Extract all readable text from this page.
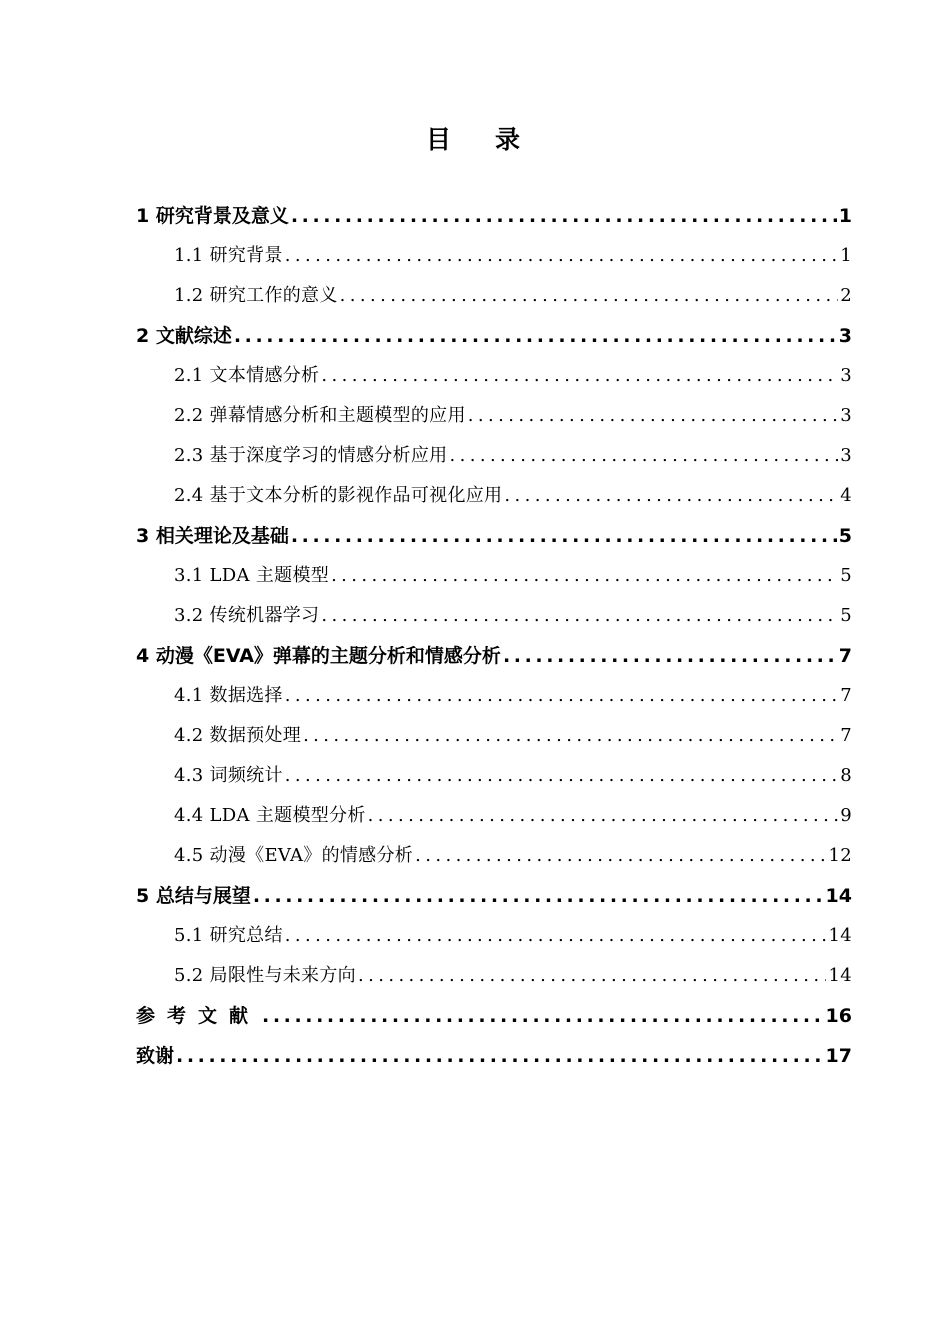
目录
1 研究背景及意义 .....	1
1.1 研究背景 .....	1
1.2 研究工作的意义 .....	2
2 文献综述 .....	3
2.1 文本情感分析 .....	3
2.2 弹幕情感分析和主题模型的应用 .....	3
2.3 基于深度学习的情感分析应用 .....	3
2.4 基于文本分析的影视作品可视化应用 .....	4
3 相关理论及基础 .....	5
3.1 LDA 主题模型 .....	5
3.2 传统机器学习 .....	5
4 动漫《EVA》弹幕的主题分析和情感分析 .....	7
4.1 数据选择 .....	7
4.2 数据预处理 .....	7
4.3 词频统计 .....	8
4.4 LDA 主题模型分析 .....	9
4.5 动漫《EVA》的情感分析 .....	12
5 总结与展望 .....	14
5.1 研究总结 .....	14
5.2 局限性与未来方向 .....	14
参考文献 .....	16
致谢 .....	17
